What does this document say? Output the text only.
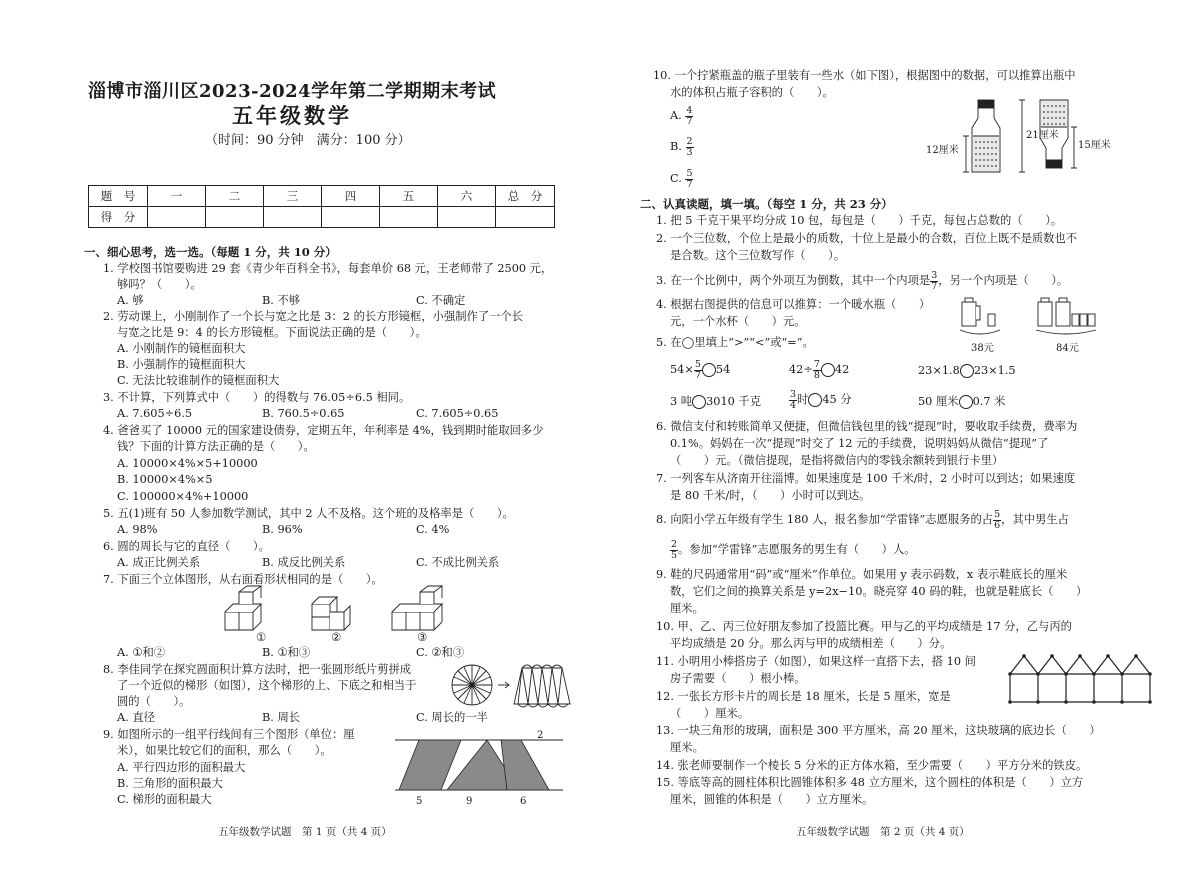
淄博市淄川区2023-2024学年第二学期期末考试
五年级数学
（时间：90 分钟　满分：100 分）
题　号	一	二	三	四	五	六	总　分
得　分							
一、细心思考，选一选。（每题 1 分，共 10 分）
1. 学校图书馆要购进 29 套《青少年百科全书》，每套单价 68 元，王老师带了 2500 元，
够吗？（　　）。
A. 够	B. 不够	C. 不确定
2. 劳动课上，小刚制作了一个长与宽之比是 3：2 的长方形镜框，小强制作了一个长
与宽之比是 9：4 的长方形镜框。下面说法正确的是（　　）。
A. 小刚制作的镜框面积大
B. 小强制作的镜框面积大
C. 无法比较谁制作的镜框面积大
3. 不计算，下列算式中（　　）的得数与 76.05÷6.5 相同。
A. 7.605÷6.5	B. 760.5÷0.65	C. 7.605÷0.65
4. 爸爸买了 10000 元的国家建设债券，定期五年，年利率是 4%，钱到期时能取回多少
钱？下面的计算方法正确的是（　　）。
A. 10000×4%×5+10000
B. 10000×4%×5
C. 100000×4%+10000
5. 五(1)班有 50 人参加数学测试，其中 2 人不及格。这个班的及格率是（　　）。
A. 98%	B. 96%	C. 4%
6. 圆的周长与它的直径（　　）。
A. 成正比例关系	B. 成反比例关系	C. 不成比例关系
7. 下面三个立体图形，从右面看形状相同的是（　　）。
①	②	③
A. ①和②	B. ①和③	C. ②和③
8. 李佳同学在探究圆面积计算方法时，把一张圆形纸片剪拼成
了一个近似的梯形（如图），这个梯形的上、下底之和相当于
圆的（　　）。
A. 直径	B. 周长	C. 周长的一半
9. 如图所示的一组平行线间有三个图形（单位：厘
米），如果比较它们的面积，那么（　　）。
A. 平行四边形的面积最大
B. 三角形的面积最大
C. 梯形的面积最大
2
5	9	6
五年级数学试题　第 1 页（共 4 页）
10. 一个拧紧瓶盖的瓶子里装有一些水（如下图），根据图中的数据，可以推算出瓶中
水的体积占瓶子容积的（　　）。
A. $\frac{4}{7}$
B. $\frac{2}{3}$
C. $\frac{5}{7}$
21厘米
12厘米	15厘米
二、认真读题，填一填。（每空 1 分，共 23 分）
1. 把 5 千克干果平均分成 10 包，每包是（　　）千克，每包占总数的（　　）。
2. 一个三位数，个位上是最小的质数，十位上是最小的合数，百位上既不是质数也不
是合数。这个三位数写作（　　）。
3. 在一个比例中，两个外项互为倒数，其中一个内项是 $\frac{3}{7}$ ，另一个内项是（　　）。
4. 根据右图提供的信息可以推算：一个暖水瓶（　　）
元，一个水杯（　　）元。
38元	84元
5. 在◯里填上“>”“<”或“=”。
$54\times \frac{5}{7} 54$	$42\div \frac{7}{8} 42$	23×1.8 23×1.5
3 吨 3010 千克	$\frac{3}{4}$ 时 45 分	50 厘米 0.7 米
6. 微信支付和转账简单又便捷，但微信钱包里的钱“提现”时，要收取手续费，费率为
0.1%。妈妈在一次“提现”时交了 12 元的手续费，说明妈妈从微信“提现”了
（　　）元。（微信提现，是指将微信内的零钱余额转到银行卡里）
7. 一列客车从济南开往淄博。如果速度是 100 千米/时，2 小时可以到达；如果速度
是 80 千米/时，（　　）小时可以到达。
8. 向阳小学五年级有学生 180 人，报名参加“学雷锋”志愿服务的占 $\frac{5}{6}$ ，其中男生占
$\frac{2}{5}$ 。参加“学雷锋”志愿服务的男生有（　　）人。
9. 鞋的尺码通常用“码”或“厘米”作单位。如果用 y 表示码数，x 表示鞋底长的厘米
数，它们之间的换算关系是 y=2x−10。晓亮穿 40 码的鞋，也就是鞋底长（　　）
厘米。
10. 甲、乙、丙三位好朋友参加了投篮比赛。甲与乙的平均成绩是 17 分，乙与丙的
平均成绩是 20 分。那么丙与甲的成绩相差（　　）分。
11. 小明用小棒搭房子（如图），如果这样一直搭下去，搭 10 间
房子需要（　　）根小棒。
12. 一张长方形卡片的周长是 18 厘米，长是 5 厘米，宽是
（　　）厘米。
13. 一块三角形的玻璃，面积是 300 平方厘米，高 20 厘米，这块玻璃的底边长（　　）
厘米。
14. 张老师要制作一个棱长 5 分米的正方体水箱，至少需要（　　）平方分米的铁皮。
15. 等底等高的圆柱体积比圆锥体积多 48 立方厘米，这个圆柱的体积是（　　）立方
厘米，圆锥的体积是（　　）立方厘米。
五年级数学试题　第 2 页（共 4 页）
